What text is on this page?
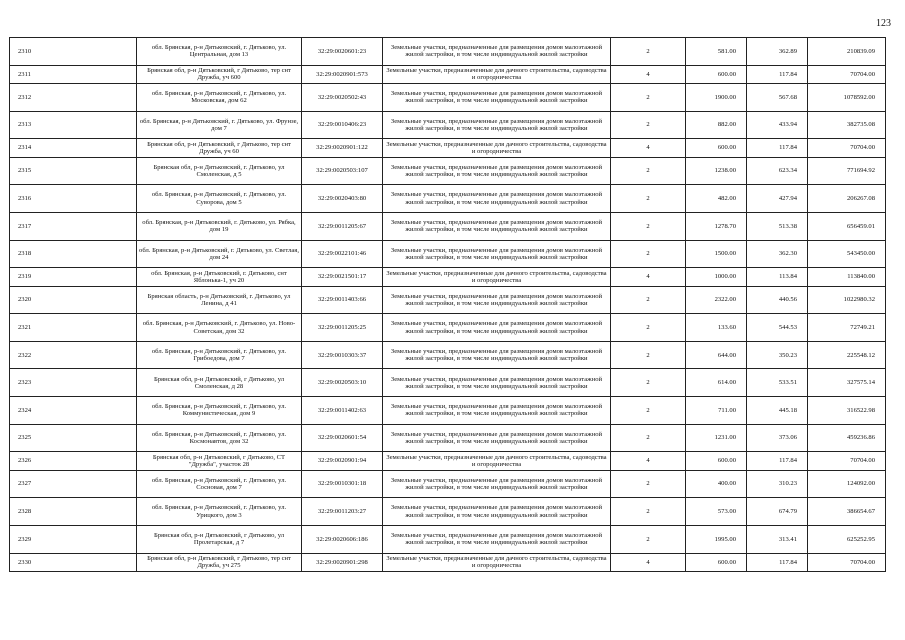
123
2310	обл. Брянская, р-н Дятьковский, г. Дятьково, ул. Центральная, дом 13	32:29:0020601:23	Земельные участки, предназначенные для размещения домов малоэтажной жилой застройки, в том числе индивидуальной жилой застройки	2	581.00	362.89	210839.09
2311	Брянская обл, р-н Дятьковский, г Дятьково, тер снт Дружба, уч 600	32:29:0020901:573	Земельные участки, предназначенные для дачного строительства, садоводства и огородничества	4	600.00	117.84	70704.00
2312	обл. Брянская, р-н Дятьковский, г. Дятьково, ул. Московская, дом 62	32:29:0020502:43	Земельные участки, предназначенные для размещения домов малоэтажной жилой застройки, в том числе индивидуальной жилой застройки	2	1900.00	567.68	1078592.00
2313	обл. Брянская, р-н Дятьковский, г. Дятьково, ул. Фрунзе, дом 7	32:29:0010406:23	Земельные участки, предназначенные для размещения домов малоэтажной жилой застройки, в том числе индивидуальной жилой застройки	2	882.00	433.94	382735.08
2314	Брянская обл, р-н Дятьковский, г Дятьково, тер снт Дружба, уч 60	32:29:0020901:122	Земельные участки, предназначенные для дачного строительства, садоводства и огородничества	4	600.00	117.84	70704.00
2315	Брянская обл, р-н Дятьковский, г. Дятьково, ул Смоленская, д 5	32:29:0020503:107	Земельные участки, предназначенные для размещения домов малоэтажной жилой застройки, в том числе индивидуальной жилой застройки	2	1238.00	623.34	771694.92
2316	обл. Брянская, р-н Дятьковский, г. Дятьково, ул. Суворова, дом 5	32:29:0020403:80	Земельные участки, предназначенные для размещения домов малоэтажной жилой застройки, в том числе индивидуальной жилой застройки	2	482.00	427.94	206267.08
2317	обл. Брянская, р-н Дятьковский, г. Дятьково, ул. Рябка, дом 19	32:29:0011205:67	Земельные участки, предназначенные для размещения домов малоэтажной жилой застройки, в том числе индивидуальной жилой застройки	2	1278.70	513.38	656459.01
2318	обл. Брянская, р-н Дятьковский, г. Дятьково, ул. Светлая, дом 24	32:29:0022101:46	Земельные участки, предназначенные для размещения домов малоэтажной жилой застройки, в том числе индивидуальной жилой застройки	2	1500.00	362.30	543450.00
2319	обл. Брянская, р-н Дятьковский, г. Дятьково, снт Яблонька-1, уч 20	32:29:0021501:17	Земельные участки, предназначенные для дачного строительства, садоводства и огородничества	4	1000.00	113.84	113840.00
2320	Брянская область, р-н Дятьковский, г. Дятьково, ул Ленина, д 41	32:29:0011403:66	Земельные участки, предназначенные для размещения домов малоэтажной жилой застройки, в том числе индивидуальной жилой застройки	2	2322.00	440.56	1022980.32
2321	обл. Брянская, р-н Дятьковский, г. Дятьково, ул. Ново-Советская, дом 32	32:29:0011205:25	Земельные участки, предназначенные для размещения домов малоэтажной жилой застройки, в том числе индивидуальной жилой застройки	2	133.60	544.53	72749.21
2322	обл. Брянская, р-н Дятьковский, г. Дятьково, ул. Грибоедова, дом 7	32:29:0010303:37	Земельные участки, предназначенные для размещения домов малоэтажной жилой застройки, в том числе индивидуальной жилой застройки	2	644.00	350.23	225548.12
2323	Брянская обл, р-н Дятьковский, г Дятьково, ул Смоленская, д 28	32:29:0020503:10	Земельные участки, предназначенные для размещения домов малоэтажной жилой застройки, в том числе индивидуальной жилой застройки	2	614.00	533.51	327575.14
2324	обл. Брянская, р-н Дятьковский, г. Дятьково, ул. Коммунистическая, дом 9	32:29:0011402:63	Земельные участки, предназначенные для размещения домов малоэтажной жилой застройки, в том числе индивидуальной жилой застройки	2	711.00	445.18	316522.98
2325	обл. Брянская, р-н Дятьковский, г. Дятьково, ул. Космонавтов, дом 32	32:29:0020601:54	Земельные участки, предназначенные для размещения домов малоэтажной жилой застройки, в том числе индивидуальной жилой застройки	2	1231.00	373.06	459236.86
2326	Брянская обл, р-н Дятьковский, г Дятьково, СТ "Дружба", участок 28	32:29:0020901:94	Земельные участки, предназначенные для дачного строительства, садоводства и огородничества	4	600.00	117.84	70704.00
2327	обл. Брянская, р-н Дятьковский, г. Дятьково, ул. Сосновая, дом 7	32:29:0010301:18	Земельные участки, предназначенные для размещения домов малоэтажной жилой застройки, в том числе индивидуальной жилой застройки	2	400.00	310.23	124092.00
2328	обл. Брянская, р-н Дятьковский, г. Дятьково, ул. Урицкого, дом 3	32:29:0011203:27	Земельные участки, предназначенные для размещения домов малоэтажной жилой застройки, в том числе индивидуальной жилой застройки	2	573.00	674.79	386654.67
2329	Брянская обл, р-н Дятьковский, г Дятьково, ул Пролетарская, д 7	32:29:0020606:186	Земельные участки, предназначенные для размещения домов малоэтажной жилой застройки, в том числе индивидуальной жилой застройки	2	1995.00	313.41	625252.95
2330	Брянская обл, р-н Дятьковский, г Дятьково, тер снт Дружба, уч 275	32:29:0020901:298	Земельные участки, предназначенные для дачного строительства, садоводства и огородничества	4	600.00	117.84	70704.00
